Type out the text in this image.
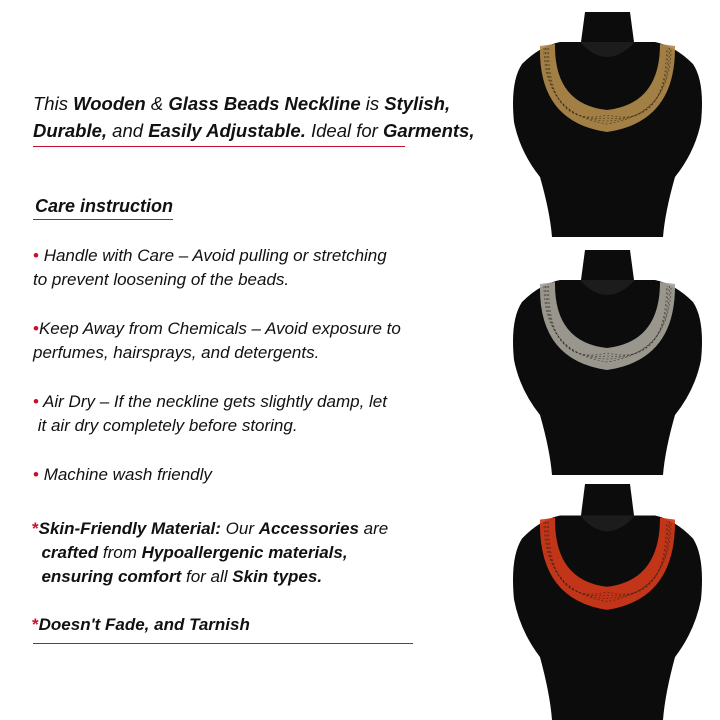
This Wooden & Glass Beads Neckline is Stylish,
Durable, and Easily Adjustable. Ideal for Garments,
Care instruction
• Handle with Care – Avoid pulling or stretching
to prevent loosening of the beads.
•Keep Away from Chemicals – Avoid exposure to
perfumes, hairsprays, and detergents.
• Air Dry – If the neckline gets slightly damp, let
it air dry completely before storing.
• Machine wash friendly
*Skin-Friendly Material: Our Accessories are
crafted from Hypoallergenic materials,
ensuring comfort for all Skin types.
*Doesn't Fade, and Tarnish
